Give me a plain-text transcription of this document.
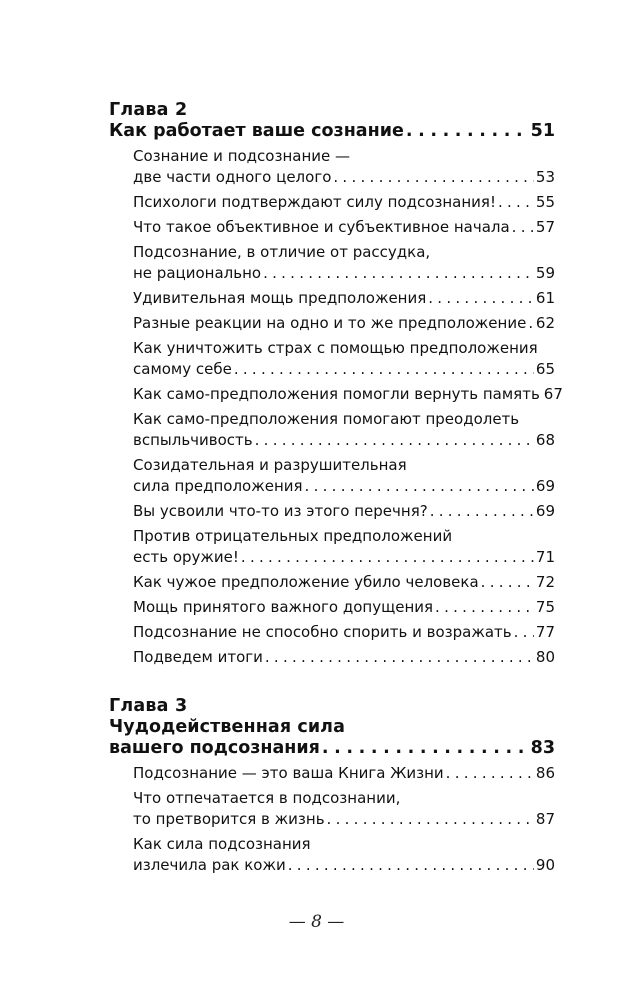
Глава 2
Как работает ваше сознание . . .	51
Сознание и подсознание —
две части одного целого . . .	53
Психологи подтверждают силу подсознания! . . .	55
Что такое объективное и субъективное начала . . . 57
Подсознание, в отличие от рассудка,
не рационально . . .	59
Удивительная мощь предположения . . .	61
Разные реакции на одно и то же предположение . . . 62
Как уничтожить страх с помощью предположения
самому себе . . .	65
Как само-предположения помогли вернуть память 67
Как само-предположения помогают преодолеть
вспыльчивость . . .	68
Созидательная и разрушительная
сила предположения . . .	69
Вы усвоили что-то из этого перечня? . . .	69
Против отрицательных предположений
есть оружие! . . .	71
Как чужое предположение убило человека . . .	72
Мощь принятого важного допущения . . .	75
Подсознание не способно спорить и возражать . . . 77
Подведем итоги . . .	80
Глава 3
Чудодейственная сила
вашего подсознания . . .	83
Подсознание — это ваша Книга Жизни . . .	86
Что отпечатается в подсознании,
то претворится в жизнь . . .	87
Как сила подсознания
излечила рак кожи . . .	90
— 8 —
